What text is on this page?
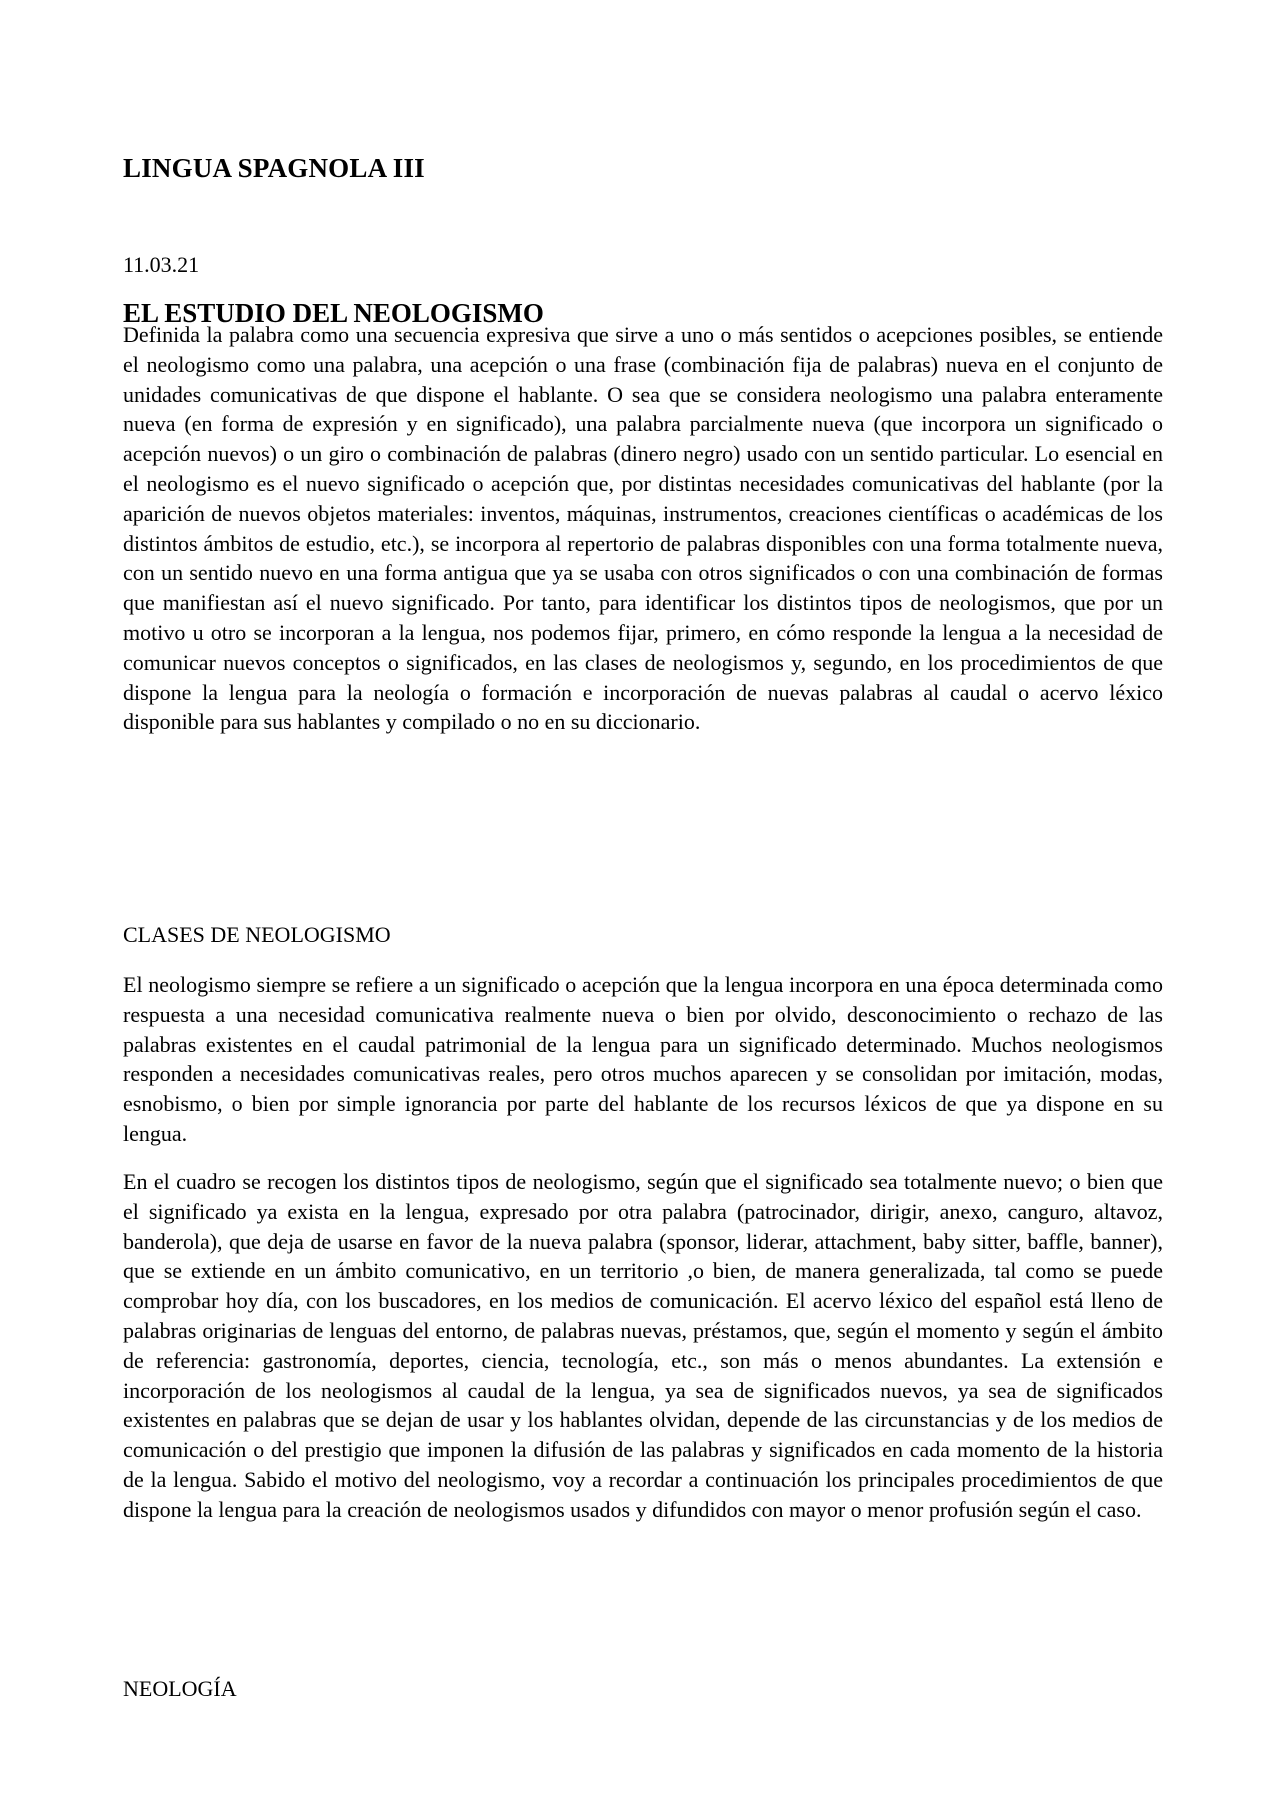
LINGUA SPAGNOLA III
11.03.21
EL ESTUDIO DEL NEOLOGISMO

Definida la palabra como una secuencia expresiva que sirve a uno o más sentidos o acepciones posibles, se entiende el neologismo como una palabra, una acepción o una frase (combinación fija de palabras) nueva en el conjunto de unidades comunicativas de que dispone el hablante. O sea que se considera neologismo una palabra enteramente nueva (en forma de expresión y en significado), una palabra parcialmente nueva (que incorpora un significado o acepción nuevos) o un giro o combinación de palabras (dinero negro) usado con un sentido particular. Lo esencial en el neologismo es el nuevo significado o acepción que, por distintas necesidades comunicativas del hablante (por la aparición de nuevos objetos materiales: inventos, máquinas, instrumentos, creaciones científicas o académicas de los distintos ámbitos de estudio, etc.), se incorpora al repertorio de palabras disponibles con una forma totalmente nueva, con un sentido nuevo en una forma antigua que ya se usaba con otros significados o con una combinación de formas que manifiestan así el nuevo significado. Por tanto, para identificar los distintos tipos de neologismos, que por un motivo u otro se incorporan a la lengua, nos podemos fijar, primero, en cómo responde la lengua a la necesidad de comunicar nuevos conceptos o significados, en las clases de neologismos y, segundo, en los procedimientos de que dispone la lengua para la neología o formación e incorporación de nuevas palabras al caudal o acervo léxico disponible para sus hablantes y compilado o no en su diccionario.

CLASES DE NEOLOGISMO

El neologismo siempre se refiere a un significado o acepción que la lengua incorpora en una época determinada como respuesta a una necesidad comunicativa realmente nueva o bien por olvido, desconocimiento o rechazo de las palabras existentes en el caudal patrimonial de la lengua para un significado determinado. Muchos neologismos responden a necesidades comunicativas reales, pero otros muchos aparecen y se consolidan por imitación, modas, esnobismo, o bien por simple ignorancia por parte del hablante de los recursos léxicos de que ya dispone en su lengua.

En el cuadro se recogen los distintos tipos de neologismo, según que el significado sea totalmente nuevo; o bien que el significado ya exista en la lengua, expresado por otra palabra (patrocinador, dirigir, anexo, canguro, altavoz, banderola), que deja de usarse en favor de la nueva palabra (sponsor, liderar, attachment, baby sitter, baffle, banner), que se extiende en un ámbito comunicativo, en un territorio ,o bien, de manera generalizada, tal como se puede comprobar hoy día, con los buscadores, en los medios de comunicación. El acervo léxico del español está lleno de palabras originarias de lenguas del entorno, de palabras nuevas, préstamos, que, según el momento y según el ámbito de referencia: gastronomía, deportes, ciencia, tecnología, etc., son más o menos abundantes. La extensión e incorporación de los neologismos al caudal de la lengua, ya sea de significados nuevos, ya sea de significados existentes en palabras que se dejan de usar y los hablantes olvidan, depende de las circunstancias y de los medios de comunicación o del prestigio que imponen la difusión de las palabras y significados en cada momento de la historia de la lengua. Sabido el motivo del neologismo, voy a recordar a continuación los principales procedimientos de que dispone la lengua para la creación de neologismos usados y difundidos con mayor o menor profusión según el caso.

NEOLOGÍA
